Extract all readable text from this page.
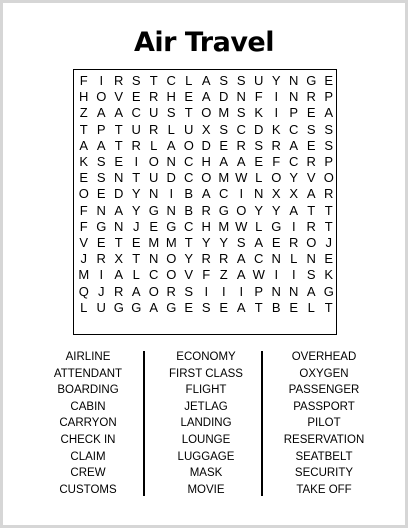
Air Travel
F I R S T C L A S S U Y N G E
H O V E R H E A D N F I N R P
Z A A C U S T O M S K I P E A
T P T U R L U X S C D K C S S
A A T R L A O D E R S R A E S
K S E I O N C H A A E F C R P
E S N T U D C O M W L O Y V O
O E D Y N I B A C I N X X A R
F N A Y G N B R G O Y Y A T T
F G N J E G C H M W L G I R T
V E T E M M T Y Y S A E R O J
J R X T N O Y R R A C N L N E
M I A L C O V F Z A W I	I S K
Q J R A O R S I	I	I P N N A G
L U G G A G E S E A T B E L T
AIRLINE
ATTENDANT
BOARDING
CABIN
CARRYON
CHECK IN
CLAIM
CREW
CUSTOMS
ECONOMY
FIRST CLASS
FLIGHT
JETLAG
LANDING
LOUNGE
LUGGAGE
MASK
MOVIE
OVERHEAD
OXYGEN
PASSENGER
PASSPORT
PILOT
RESERVATION
SEATBELT
SECURITY
TAKE OFF
